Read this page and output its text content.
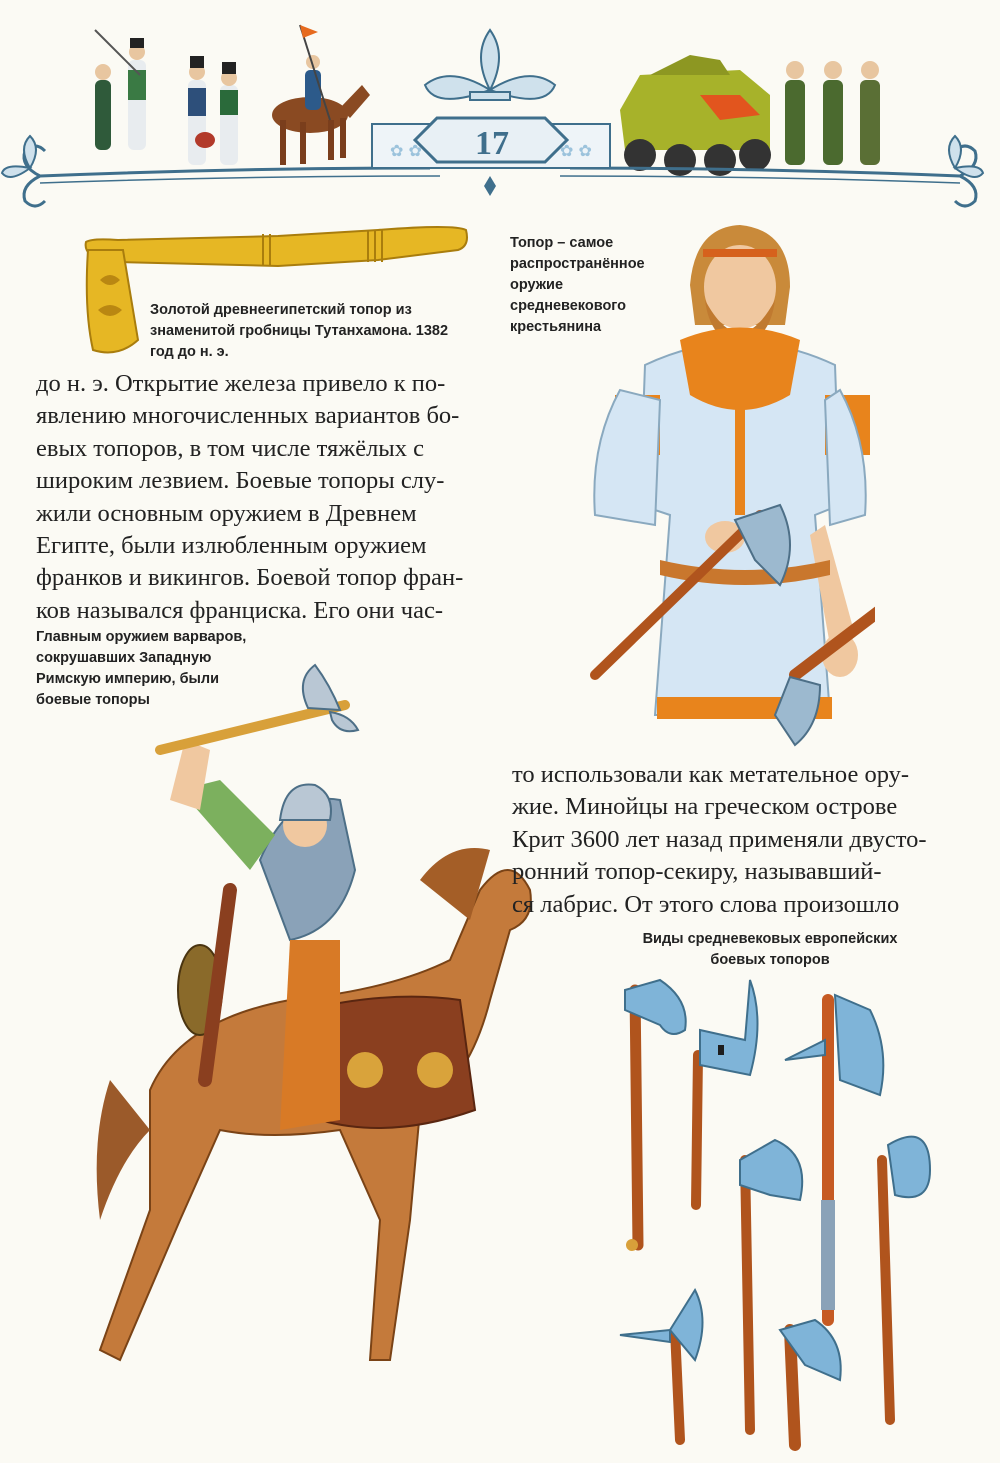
✿ ✿	✿ ✿
17
Золотой древнеегипетский топор из знаменитой гробницы Тутанхамона. 1382 год до н. э.
Топор – самое распространённое оружие средневекового крестьянина
до н. э. Открытие железа привело к по-
явлению многочисленных вариантов бо-
евых топоров, в том числе тяжёлых с
широким лезвием. Боевые топоры слу-
жили основным оружием в Древнем
Египте, были излюбленным оружием
франков и викингов. Боевой топор фран-
ков назывался франциска. Его они час-
Главным оружием варваров, сокрушавших Западную Римскую империю, были боевые топоры
то использовали как метательное ору-
жие. Минойцы на греческом острове
Крит 3600 лет назад применяли двусто-
ронний топор-секиру, называвший-
ся лабрис. От этого слова произошло
Виды средневековых европейских боевых топоров
